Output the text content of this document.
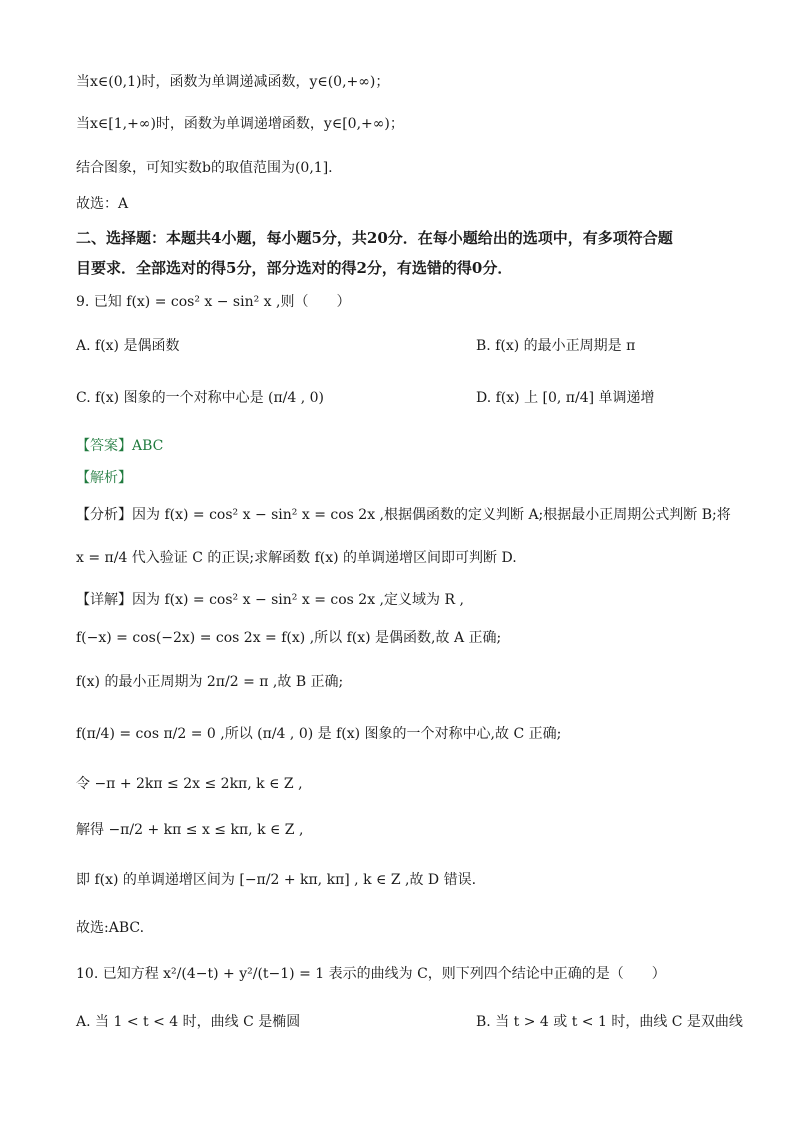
当x∈(0,1)时，函数为单调递减函数，y∈(0,+∞)；
当x∈[1,+∞)时，函数为单调递增函数，y∈[0,+∞)；
结合图象，可知实数b的取值范围为(0,1].
故选：A
二、选择题：本题共4小题，每小题5分，共20分．在每小题给出的选项中，有多项符合题
目要求．全部选对的得5分，部分选对的得2分，有选错的得0分．
9. 已知 f(x) = cos² x − sin² x ,则（　　）
A. f(x) 是偶函数	B. f(x) 的最小正周期是 π
C. f(x) 图象的一个对称中心是 (π/4 , 0)	D. f(x) 上 [0, π/4] 单调递增
【答案】ABC
【解析】
【分析】因为 f(x) = cos² x − sin² x = cos 2x ,根据偶函数的定义判断 A;根据最小正周期公式判断 B;将
x = π/4 代入验证 C 的正误;求解函数 f(x) 的单调递增区间即可判断 D.
【详解】因为 f(x) = cos² x − sin² x = cos 2x ,定义域为 R ,
f(−x) = cos(−2x) = cos 2x = f(x) ,所以 f(x) 是偶函数,故 A 正确;
f(x) 的最小正周期为 2π/2 = π ,故 B 正确;
f(π/4) = cos π/2 = 0 ,所以 (π/4 , 0) 是 f(x) 图象的一个对称中心,故 C 正确;
令 −π + 2kπ ≤ 2x ≤ 2kπ, k ∈ Z ,
解得 −π/2 + kπ ≤ x ≤ kπ, k ∈ Z ,
即 f(x) 的单调递增区间为 [−π/2 + kπ, kπ] , k ∈ Z ,故 D 错误.
故选:ABC.
10. 已知方程 x²/(4−t) + y²/(t−1) = 1 表示的曲线为 C，则下列四个结论中正确的是（　　）
A. 当 1 < t < 4 时，曲线 C 是椭圆	B. 当 t > 4 或 t < 1 时，曲线 C 是双曲线
